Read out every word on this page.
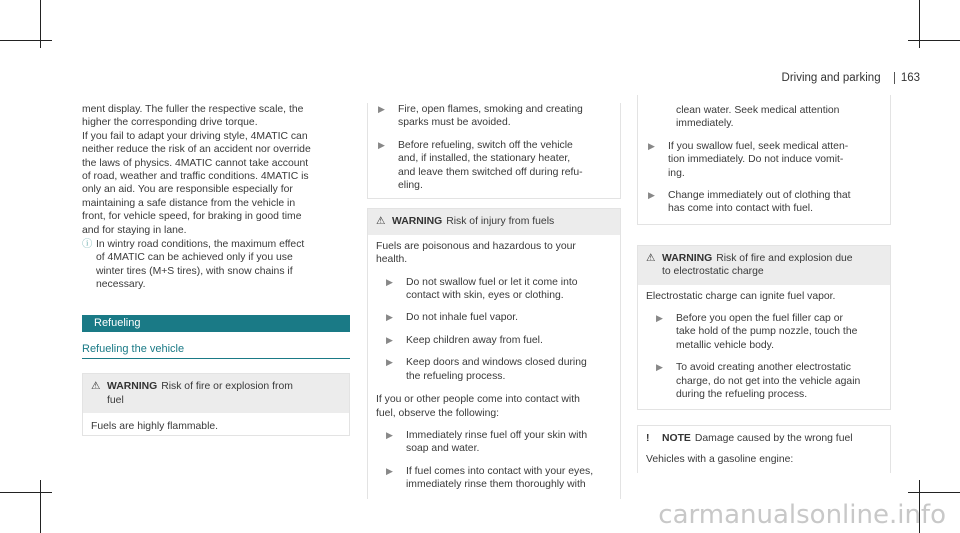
Driving and parking 163

ment display. The fuller the respective scale, the
higher the corresponding drive torque.

If you fail to adapt your driving style, 4MATIC can
neither reduce the risk of an accident nor override
the laws of physics. 4MATIC cannot take account
of road, weather and traffic conditions. 4MATIC is
only an aid. You are responsible especially for
maintaining a safe distance from the vehicle in
front, for vehicle speed, for braking in good time
and for staying in lane.

ⓘ In wintry road conditions, the maximum effect
of 4MATIC can be achieved only if you use
winter tires (M+S tires), with snow chains if
necessary.

Refueling
Refueling the vehicle
⚠ WARNING Risk of fire or explosion from
fuel

Fuels are highly flammable.
▶	Fire, open flames, smoking and creating
sparks must be avoided.

▶	Before refueling, switch off the vehicle
and, if installed, the stationary heater,
and leave them switched off during refu-
eling.

⚠ WARNING Risk of injury from fuels

Fuels are poisonous and hazardous to your
health.

▶	Do not swallow fuel or let it come into
contact with skin, eyes or clothing.

▶	Do not inhale fuel vapor.

▶	Keep children away from fuel.

▶	Keep doors and windows closed during
the refueling process.

If you or other people come into contact with
fuel, observe the following:

▶	Immediately rinse fuel off your skin with
soap and water.

▶	If fuel comes into contact with your eyes,
immediately rinse them thoroughly with

clean water. Seek medical attention
immediately.

▶	If you swallow fuel, seek medical atten-
tion immediately. Do not induce vomit-
ing.

▶	Change immediately out of clothing that
has come into contact with fuel.

⚠ WARNING Risk of fire and explosion due
to electrostatic charge

Electrostatic charge can ignite fuel vapor.

▶	Before you open the fuel filler cap or
take hold of the pump nozzle, touch the
metallic vehicle body.

▶	To avoid creating another electrostatic
charge, do not get into the vehicle again
during the refueling process.

!	NOTE Damage caused by the wrong fuel

Vehicles with a gasoline engine:
carmanualsonline.info
